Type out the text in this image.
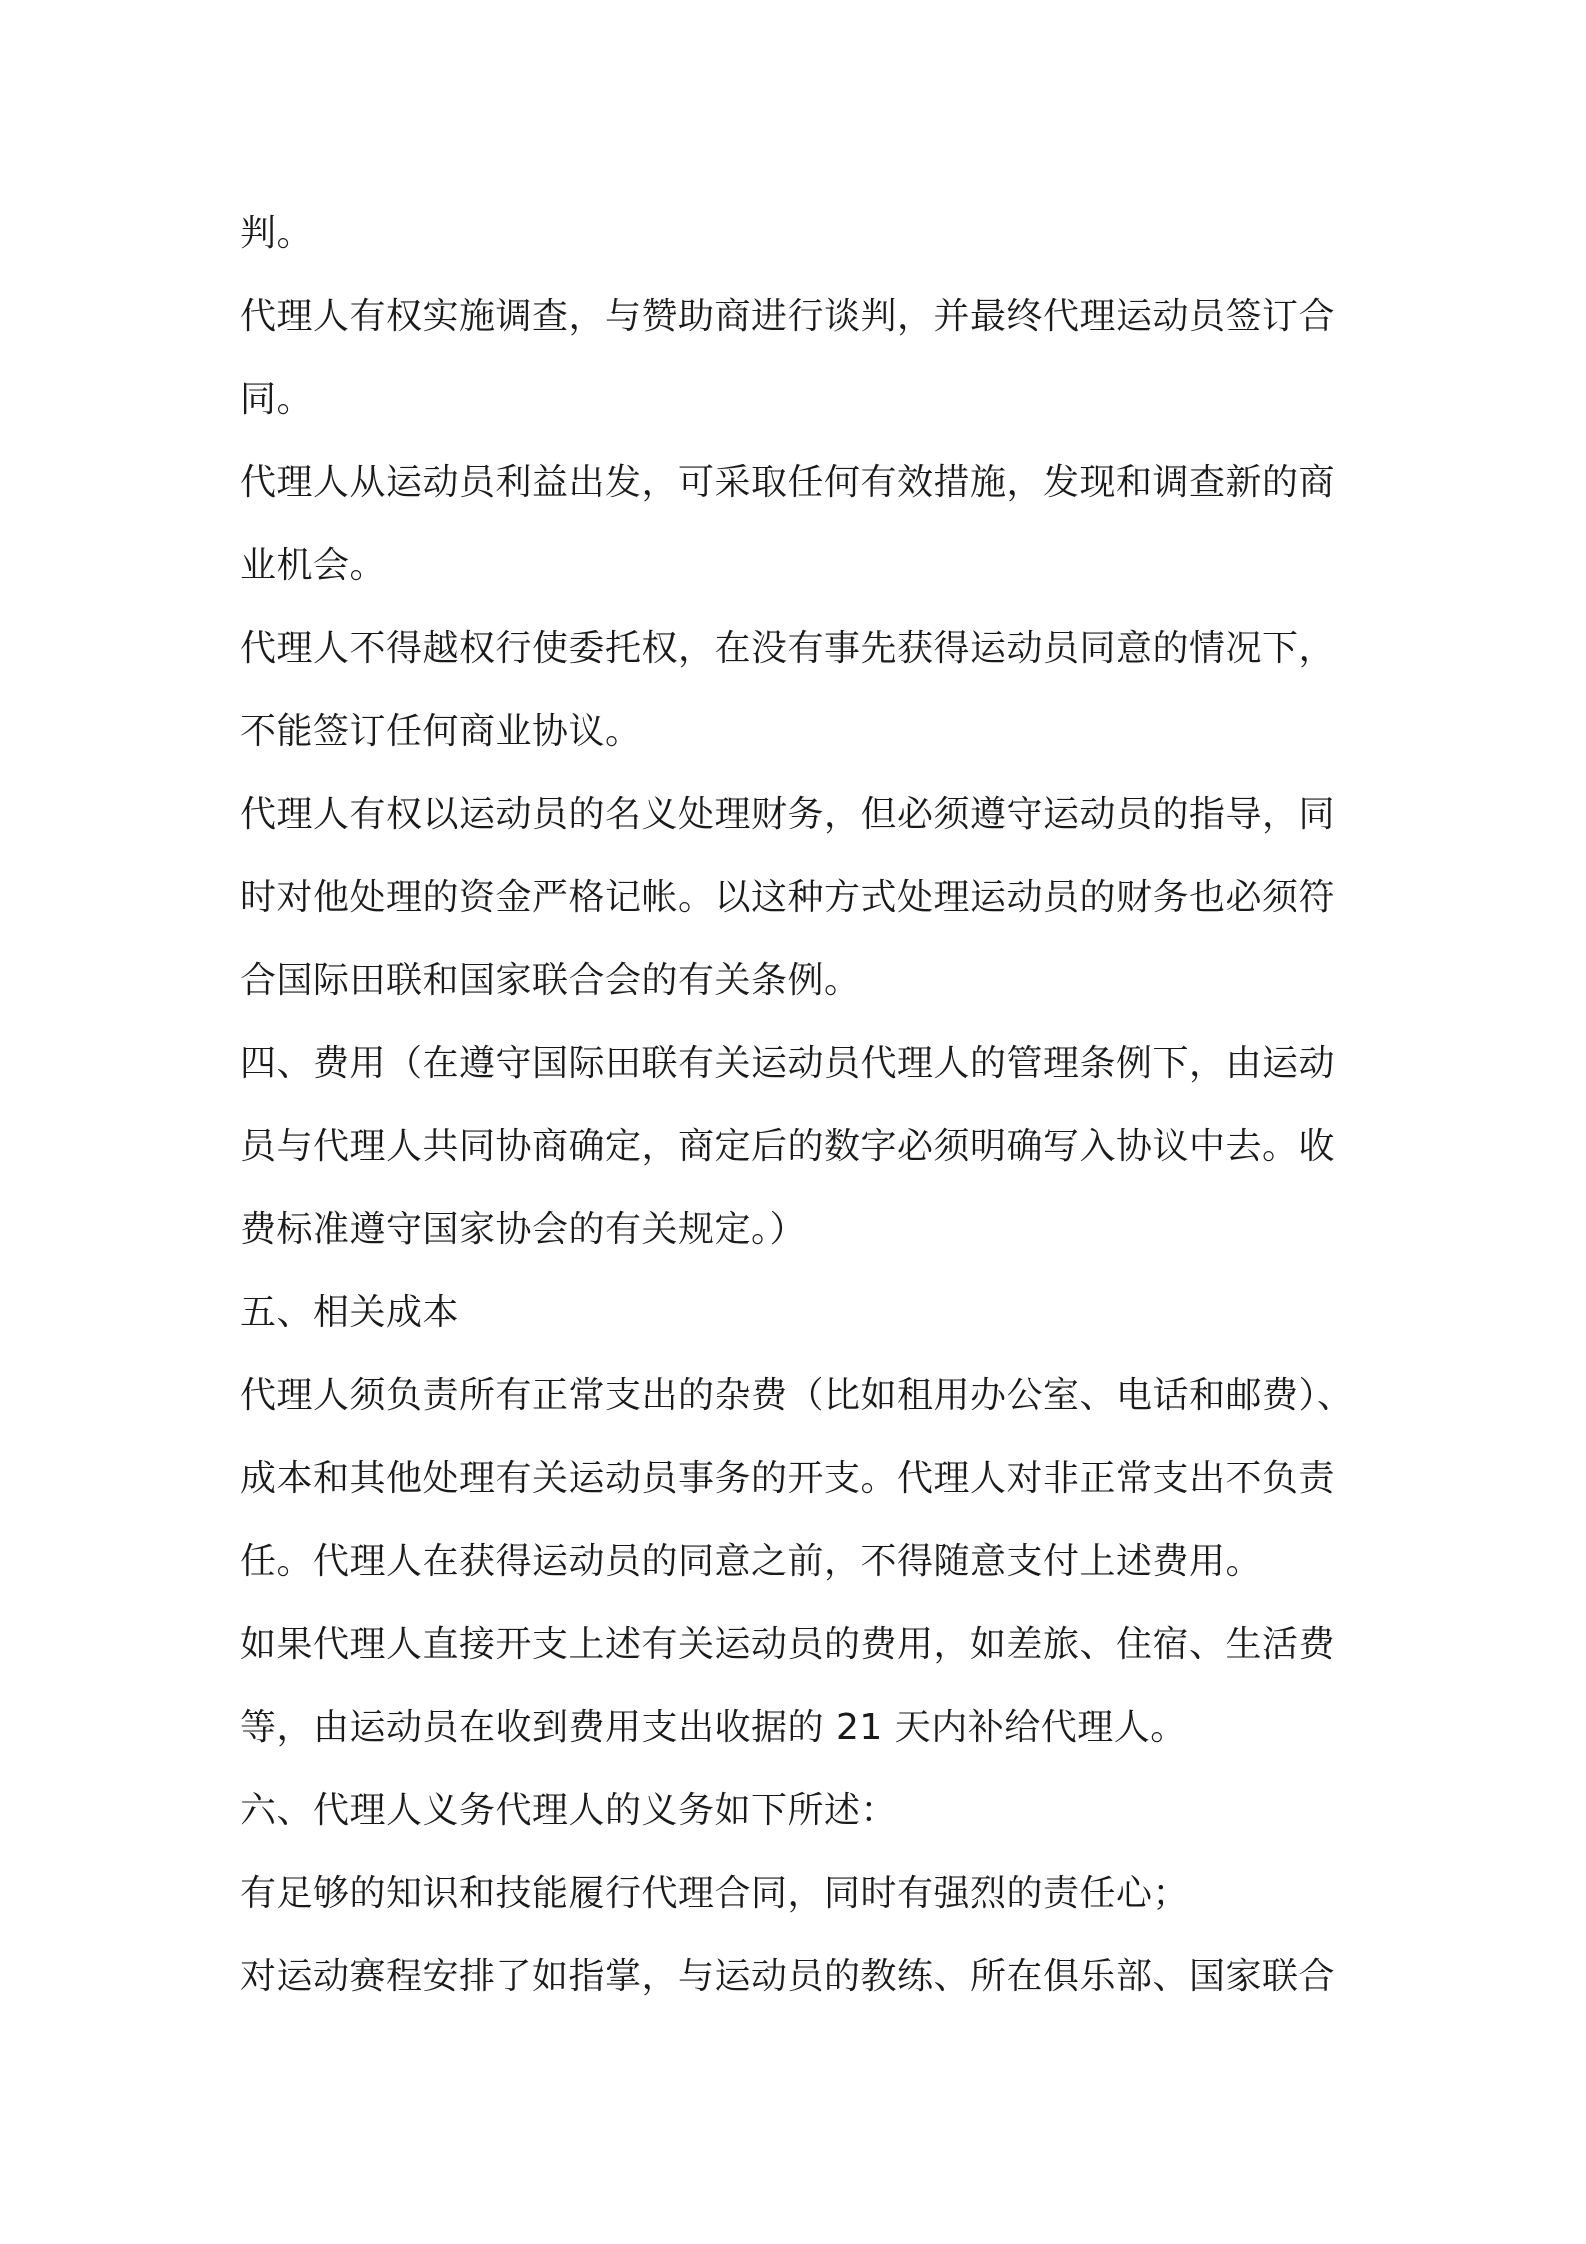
判。
代理人有权实施调查，与赞助商进行谈判，并最终代理运动员签订合
同。
代理人从运动员利益出发，可采取任何有效措施，发现和调查新的商
业机会。
代理人不得越权行使委托权，在没有事先获得运动员同意的情况下，
不能签订任何商业协议。
代理人有权以运动员的名义处理财务，但必须遵守运动员的指导，同
时对他处理的资金严格记帐。以这种方式处理运动员的财务也必须符
合国际田联和国家联合会的有关条例。
四、费用（在遵守国际田联有关运动员代理人的管理条例下，由运动
员与代理人共同协商确定，商定后的数字必须明确写入协议中去。收
费标准遵守国家协会的有关规定。）
五、相关成本
代理人须负责所有正常支出的杂费（比如租用办公室、电话和邮费）、
成本和其他处理有关运动员事务的开支。代理人对非正常支出不负责
任。代理人在获得运动员的同意之前，不得随意支付上述费用。
如果代理人直接开支上述有关运动员的费用，如差旅、住宿、生活费
等，由运动员在收到费用支出收据的 21 天内补给代理人。
六、代理人义务代理人的义务如下所述：
有足够的知识和技能履行代理合同，同时有强烈的责任心；
对运动赛程安排了如指掌，与运动员的教练、所在俱乐部、国家联合
